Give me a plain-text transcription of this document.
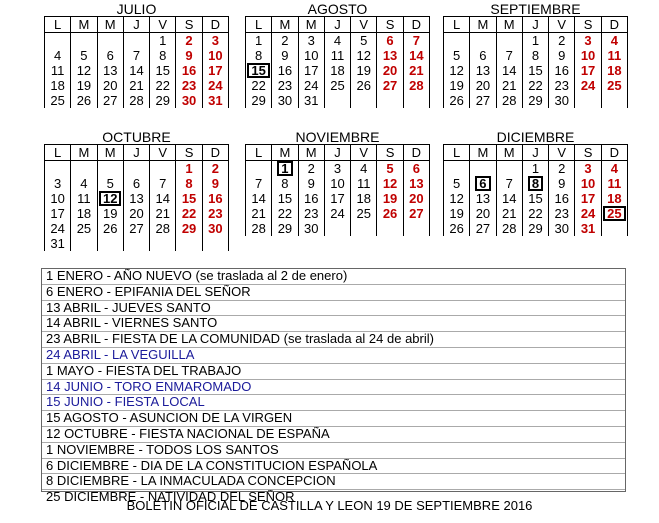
JULIO
L	M	M	J	V	S	D
				1	2	3
4	5	6	7	8	9	10
11	12	13	14	15	16	17
18	19	20	21	22	23	24
25	26	27	28	29	30	31
AGOSTO
L	M	M	J	V	S	D
1	2	3	4	5	6	7
8	9	10	11	12	13	14
15	16	17	18	19	20	21
22	23	24	25	26	27	28
29	30	31				
SEPTIEMBRE
L	M	M	J	V	S	D
			1	2	3	4
5	6	7	8	9	10	11
12	13	14	15	16	17	18
19	20	21	22	23	24	25
26	27	28	29	30		
OCTUBRE
L	M	M	J	V	S	D
					1	2
3	4	5	6	7	8	9
10	11	12	13	14	15	16
17	18	19	20	21	22	23
24	25	26	27	28	29	30
31						
NOVIEMBRE
L	M	M	J	V	S	D
	1	2	3	4	5	6
7	8	9	10	11	12	13
14	15	16	17	18	19	20
21	22	23	24	25	26	27
28	29	30				
DICIEMBRE
L	M	M	J	V	S	D
			1	2	3	4
5	6	7	8	9	10	11
12	13	14	15	16	17	18
19	20	21	22	23	24	25
26	27	28	29	30	31	
1 ENERO - AÑO NUEVO (se traslada al 2 de enero)
6 ENERO - EPIFANIA DEL SEÑOR
13 ABRIL - JUEVES SANTO
14 ABRIL - VIERNES SANTO
23 ABRIL - FIESTA DE LA COMUNIDAD (se traslada al 24 de abril)
24 ABRIL - LA VEGUILLA
1 MAYO - FIESTA DEL TRABAJO
14 JUNIO - TORO ENMAROMADO
15 JUNIO - FIESTA LOCAL
15 AGOSTO - ASUNCION DE LA VIRGEN
12 OCTUBRE - FIESTA NACIONAL DE ESPAÑA
1 NOVIEMBRE - TODOS LOS SANTOS
6 DICIEMBRE - DIA DE LA CONSTITUCION ESPAÑOLA
8 DICIEMBRE - LA INMACULADA CONCEPCION
25 DICIEMBRE - NATIVIDAD DEL SEÑOR
BOLETIN OFICIAL DE CASTILLA Y LEON 19 DE SEPTIEMBRE 2016
